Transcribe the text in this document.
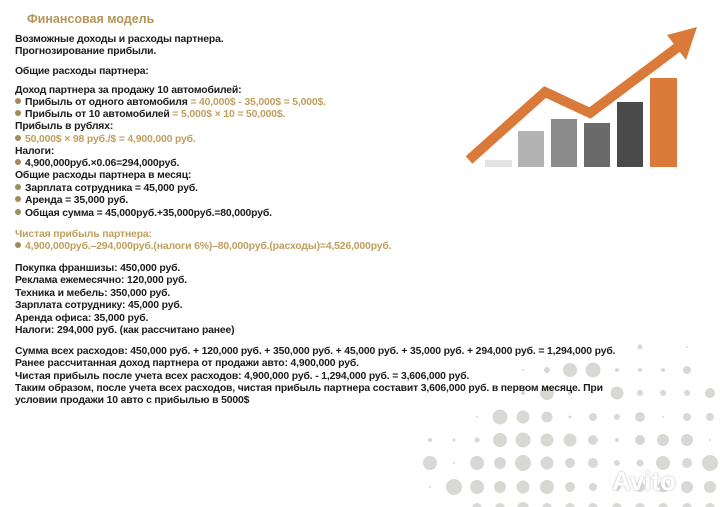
Финансовая модель
Возможные доходы и расходы партнера.
Прогнозирование прибыли.
Общие расходы партнера:
Доход партнера за продажу 10 автомобилей:
Прибыль от одного автомобиля = 40,000$ - 35,000$ = 5,000$.
Прибыль от 10 автомобилей = 5,000$ × 10 = 50,000$.
Прибыль в рублях:
50,000$ × 98 руб./$ = 4,900,000 руб.
Налоги:
4,900,000руб.×0.06=294,000руб.
Общие расходы партнера в месяц:
Зарплата сотрудника = 45,000 руб.
Аренда = 35,000 руб.
Общая сумма = 45,000руб.+35,000руб.=80,000руб.
Чистая прибыль партнера:
4,900,000руб.–294,000руб.(налоги 6%)–80,000руб.(расходы)=4,526,000руб.
Покупка франшизы: 450,000 руб.
Реклама ежемесячно: 120,000 руб.
Техника и мебель: 350,000 руб.
Зарплата сотруднику: 45,000 руб.
Аренда офиса: 35,000 руб.
Налоги: 294,000 руб. (как рассчитано ранее)
Сумма всех расходов: 450,000 руб. + 120,000 руб. + 350,000 руб. + 45,000 руб. + 35,000 руб. + 294,000 руб. = 1,294,000 руб.
Ранее рассчитанная доход партнера от продажи авто: 4,900,000 руб.
Чистая прибыль после учета всех расходов: 4,900,000 руб. - 1,294,000 руб. = 3,606,000 руб.
Таким образом, после учета всех расходов, чистая прибыль партнера составит 3,606,000 руб. в первом месяце. При
условии продажи 10 авто с прибылью в 5000$
Avito
